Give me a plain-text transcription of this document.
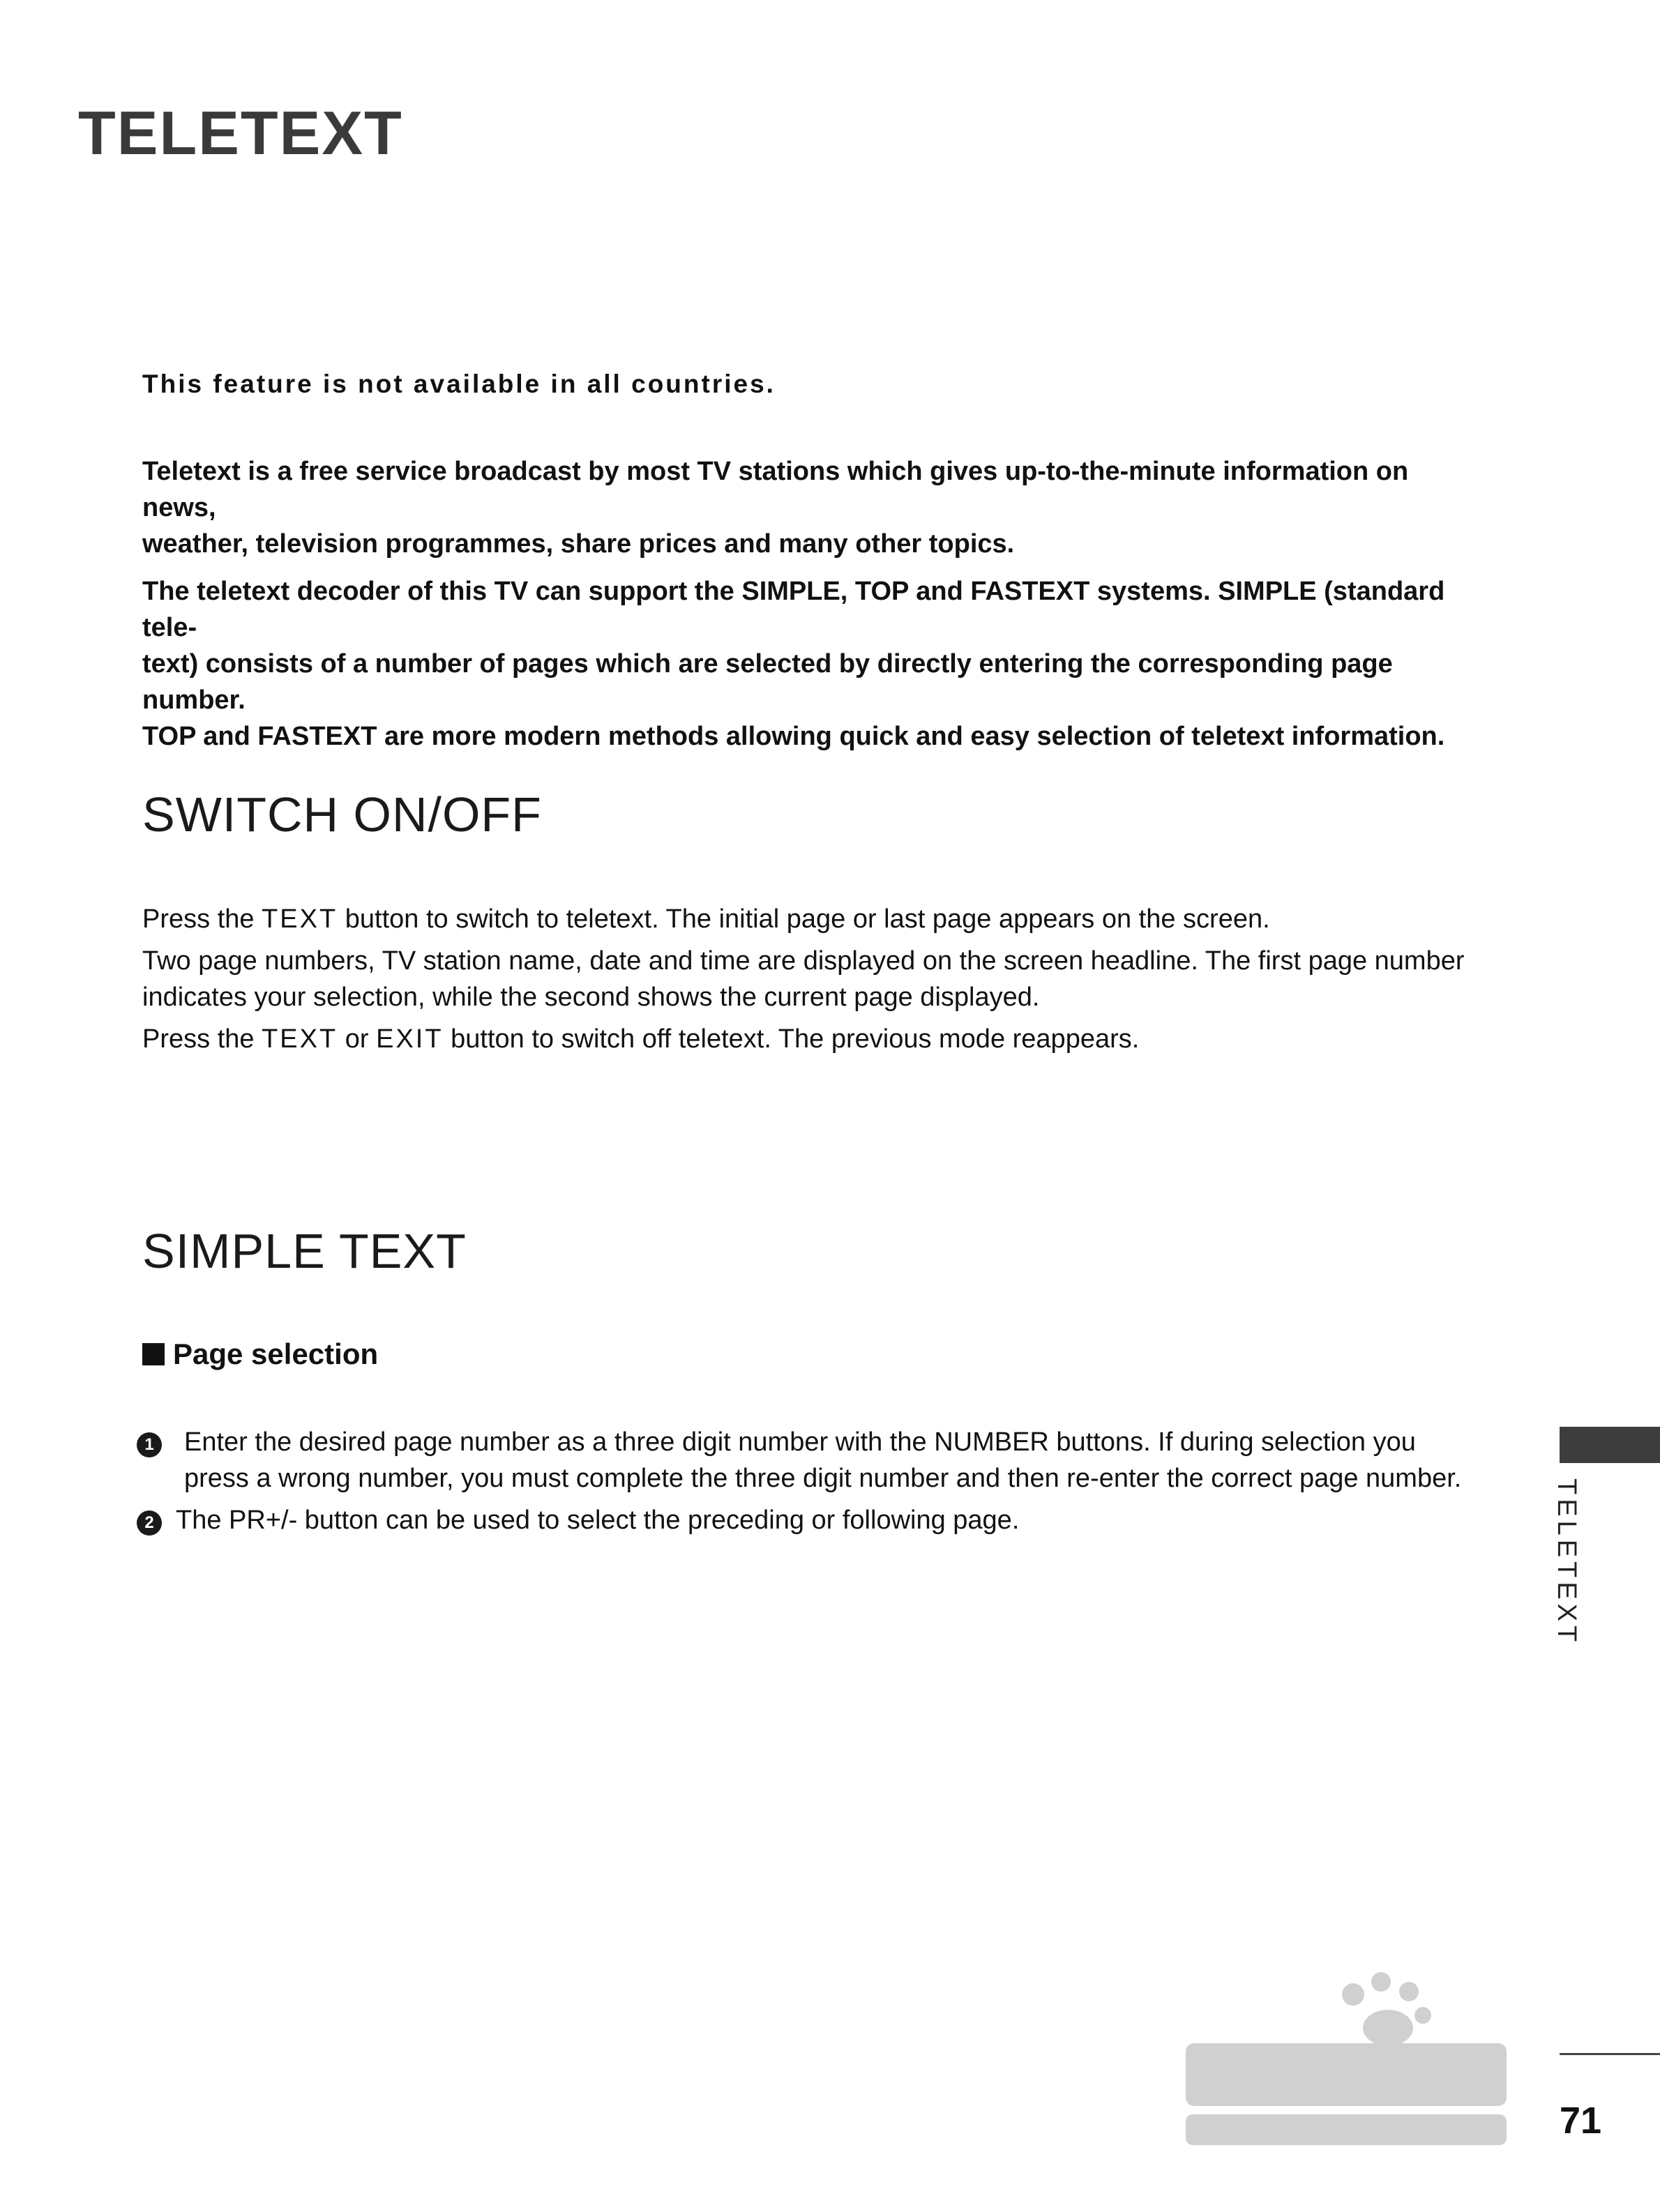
TELETEXT

This feature is not available in all countries.

Teletext is a free service broadcast by most TV stations which gives up-to-the-minute information on news,
weather, television programmes, share prices and many other topics.
The teletext decoder of this TV can support the SIMPLE, TOP and FASTEXT systems. SIMPLE (standard tele-
text) consists of a number of pages which are selected by directly entering the corresponding page number.
TOP and FASTEXT are more modern methods allowing quick and easy selection of teletext information.
SWITCH ON/OFF
Press the TEXT button to switch to teletext. The initial page or last page appears on the screen.
Two page numbers, TV station name, date and time are displayed on the screen headline. The first page number
indicates your selection, while the second shows the current page displayed.
Press the TEXT or EXIT button to switch off teletext. The previous mode reappears.
SIMPLE TEXT
Page selection
1 Enter the desired page number as a three digit number with the NUMBER buttons. If during selection you
press a wrong number, you must complete the three digit number and then re-enter the correct page number.
2 The PR+/- button can be used to select the preceding or following page.	TELETEXT
71
